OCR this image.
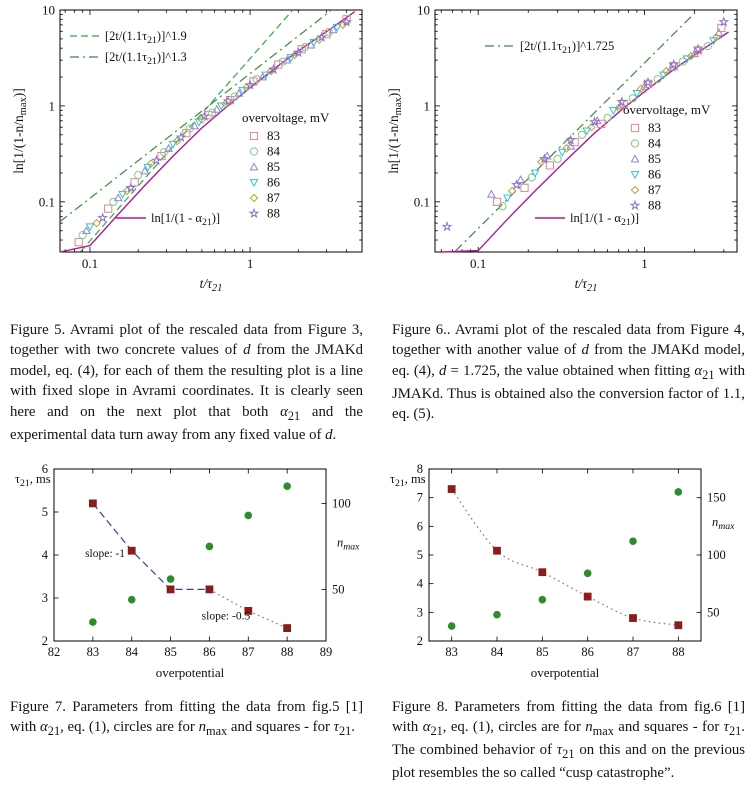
0.1	1
0.1
1
10
$t/\tau_{21}$
$\ln[1/(1-n/n_{max})]$
$[2t/(1.1\tau_{21})]\^{}1.9$
$[2t/(1.1\tau_{21})]\^{}1.3$
overvoltage, mV
83
84
85
86
87
88
$\ln[1/(1 - \alpha_{21})]$
0.1	1
0.1
1
10
$t/\tau_{21}$
$\ln[1/(1-n/n_{max})]$
$[2t/(1.1\tau_{21})]\^{}1.725$
overvoltage, mV
83
84
85
86
87
88
$\ln[1/(1 - \alpha_{21})]$

Figure 5. Avrami plot of the rescaled data from Figure 3, together with two concrete values of d from the JMAKd model, eq. (4), for each of them the resulting plot is a line with fixed slope in Avrami coordinates. It is clearly seen here and on the next plot that both $\alpha_{21}$ and the experimental data turn away from any fixed value of d.

Figure 6.. Avrami plot of the rescaled data from Figure 4, together with another value of d from the JMAKd model, eq. (4), d = 1.725, the value obtained when fitting $\alpha_{21}$ with JMAKd. Thus is obtained also the conversion factor of 1.1, eq. (5).

82 83 84 85 86 87 88 89
2
3
4
5
6
50
100
slope: -1
slope: -0.5
overpotential
$\tau_{21}$, ms
$n_{max}$
83	84	85	86	87	88
2
3
4
5
6
7
8
50
100
150
overpotential
$\tau_{21}$, ms
$n_{max}$

Figure 7. Parameters from fitting the data from fig.5 [1] with $\alpha_{21}$, eq. (1), circles are for $n_{max}$ and squares - for $\tau_{21}$.

Figure 8. Parameters from fitting the data from fig.6 [1] with $\alpha_{21}$, eq. (1), circles are for $n_{max}$ and squares - for $\tau_{21}$. The combined behavior of $\tau_{21}$ on this and on the previous plot resembles the so called “cusp catastrophe”.
